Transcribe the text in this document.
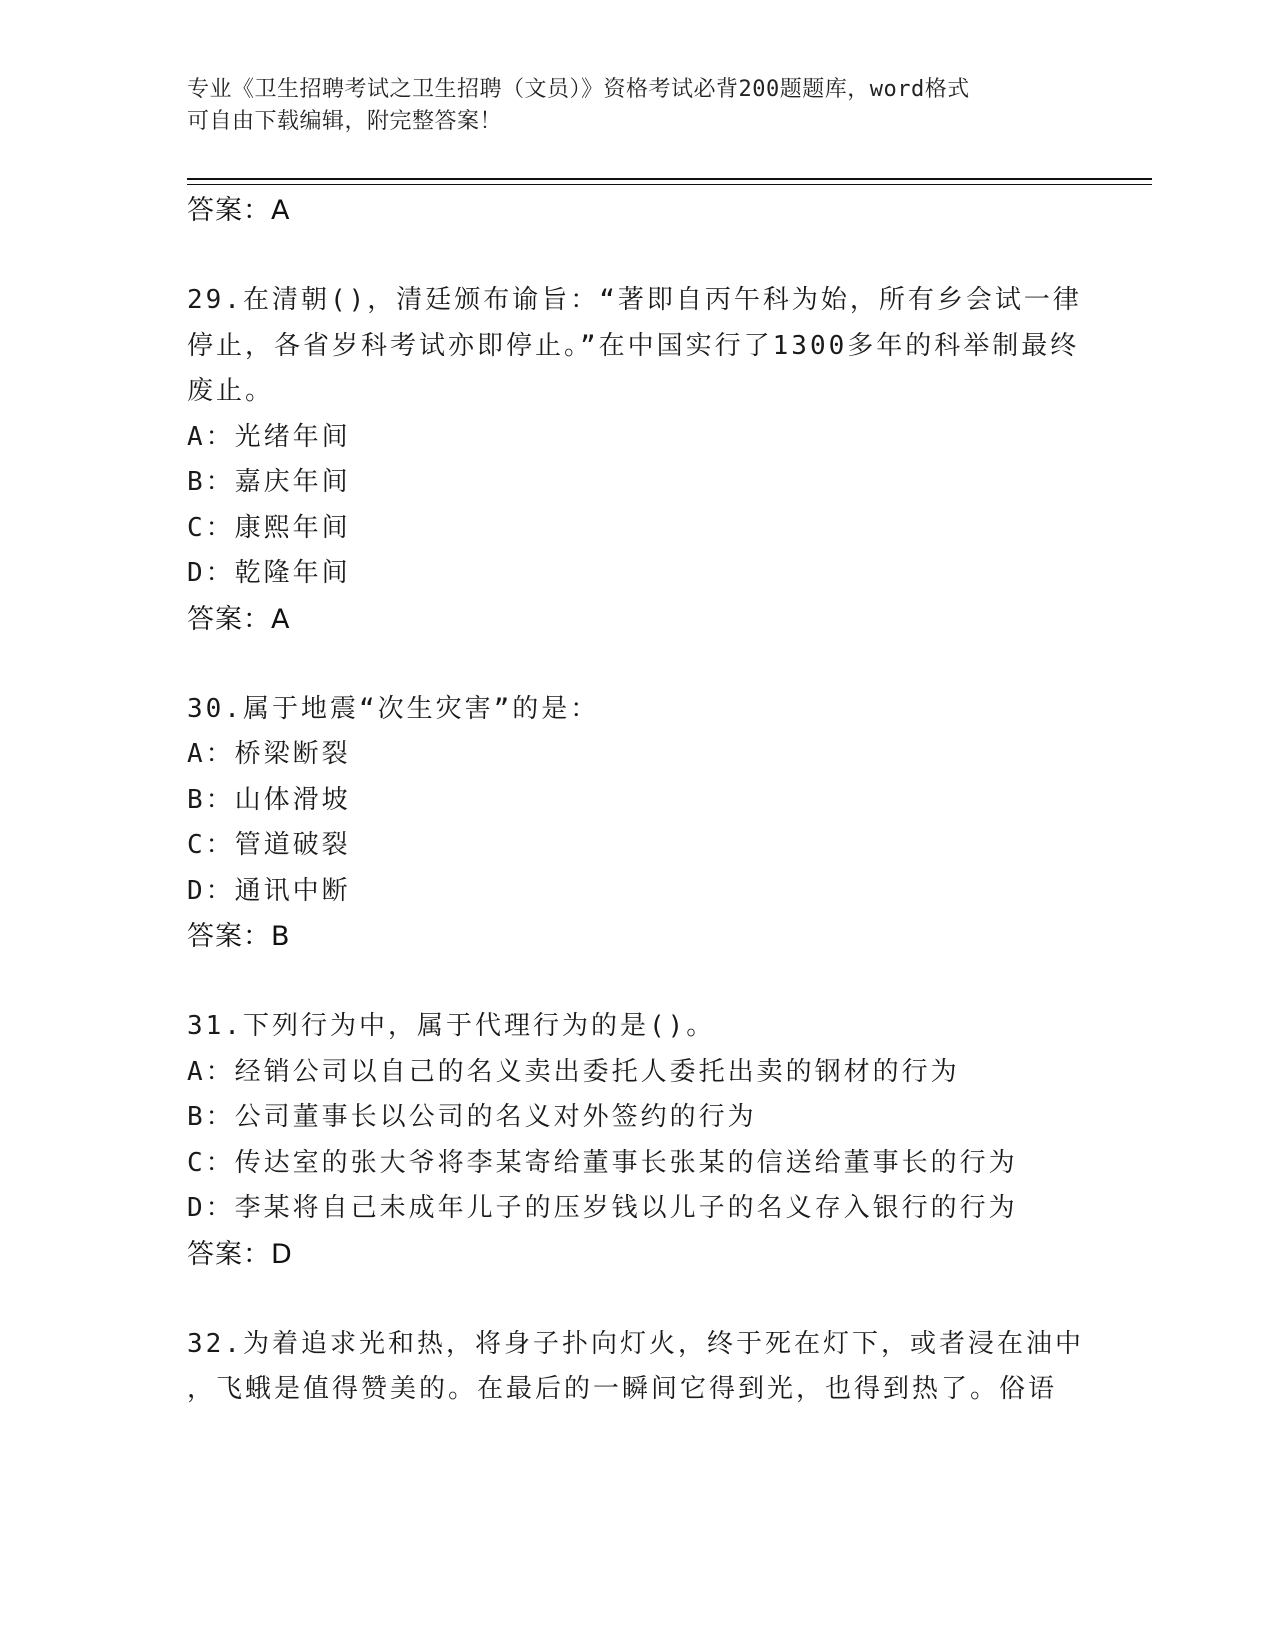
专业《卫生招聘考试之卫生招聘（文员）》资格考试必背200题题库，word格式
可自由下载编辑，附完整答案！

答案：A

29.在清朝()，清廷颁布谕旨：“著即自丙午科为始，所有乡会试一律停止，各省岁科考试亦即停止。”在中国实行了1300多年的科举制最终废止。

A：光绪年间

B：嘉庆年间

C：康熙年间

D：乾隆年间

答案：A

30.属于地震“次生灾害”的是：

A：桥梁断裂

B：山体滑坡

C：管道破裂

D：通讯中断

答案：B

31.下列行为中，属于代理行为的是()。

A：经销公司以自己的名义卖出委托人委托出卖的钢材的行为

B：公司董事长以公司的名义对外签约的行为

C：传达室的张大爷将李某寄给董事长张某的信送给董事长的行为

D：李某将自己未成年儿子的压岁钱以儿子的名义存入银行的行为

答案：D

32.为着追求光和热，将身子扑向灯火，终于死在灯下，或者浸在油中

，飞蛾是值得赞美的。在最后的一瞬间它得到光，也得到热了。俗语
